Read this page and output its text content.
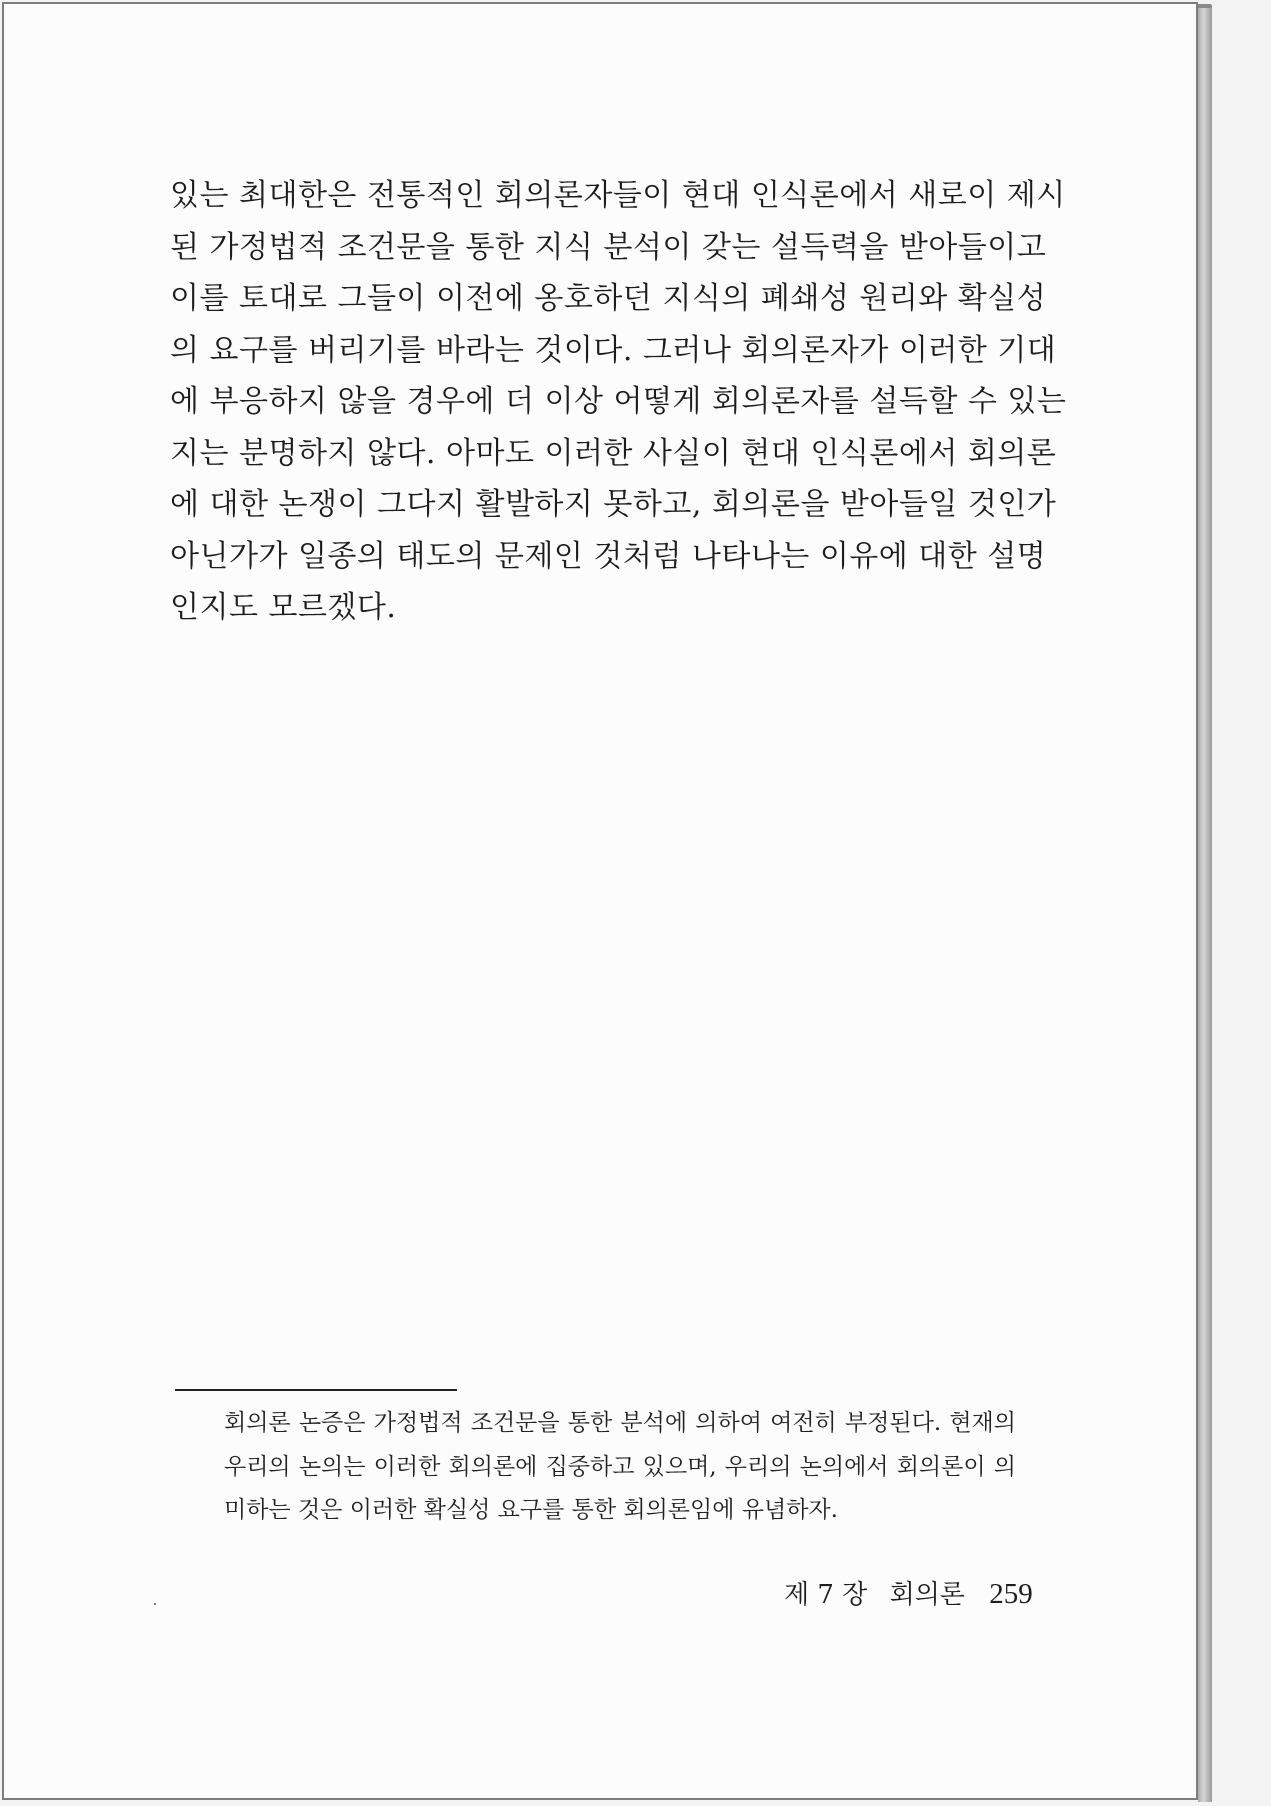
있는 최대한은 전통적인 회의론자들이 현대 인식론에서 새로이 제시
된 가정법적 조건문을 통한 지식 분석이 갖는 설득력을 받아들이고
이를 토대로 그들이 이전에 옹호하던 지식의 폐쇄성 원리와 확실성
의 요구를 버리기를 바라는 것이다. 그러나 회의론자가 이러한 기대
에 부응하지 않을 경우에 더 이상 어떻게 회의론자를 설득할 수 있는
지는 분명하지 않다. 아마도 이러한 사실이 현대 인식론에서 회의론
에 대한 논쟁이 그다지 활발하지 못하고, 회의론을 받아들일 것인가
아닌가가 일종의 태도의 문제인 것처럼 나타나는 이유에 대한 설명
인지도 모르겠다.
회의론 논증은 가정법적 조건문을 통한 분석에 의하여 여전히 부정된다. 현재의
우리의 논의는 이러한 회의론에 집중하고 있으며, 우리의 논의에서 회의론이 의
미하는 것은 이러한 확실성 요구를 통한 회의론임에 유념하자.
제 7 장 회의론 259
